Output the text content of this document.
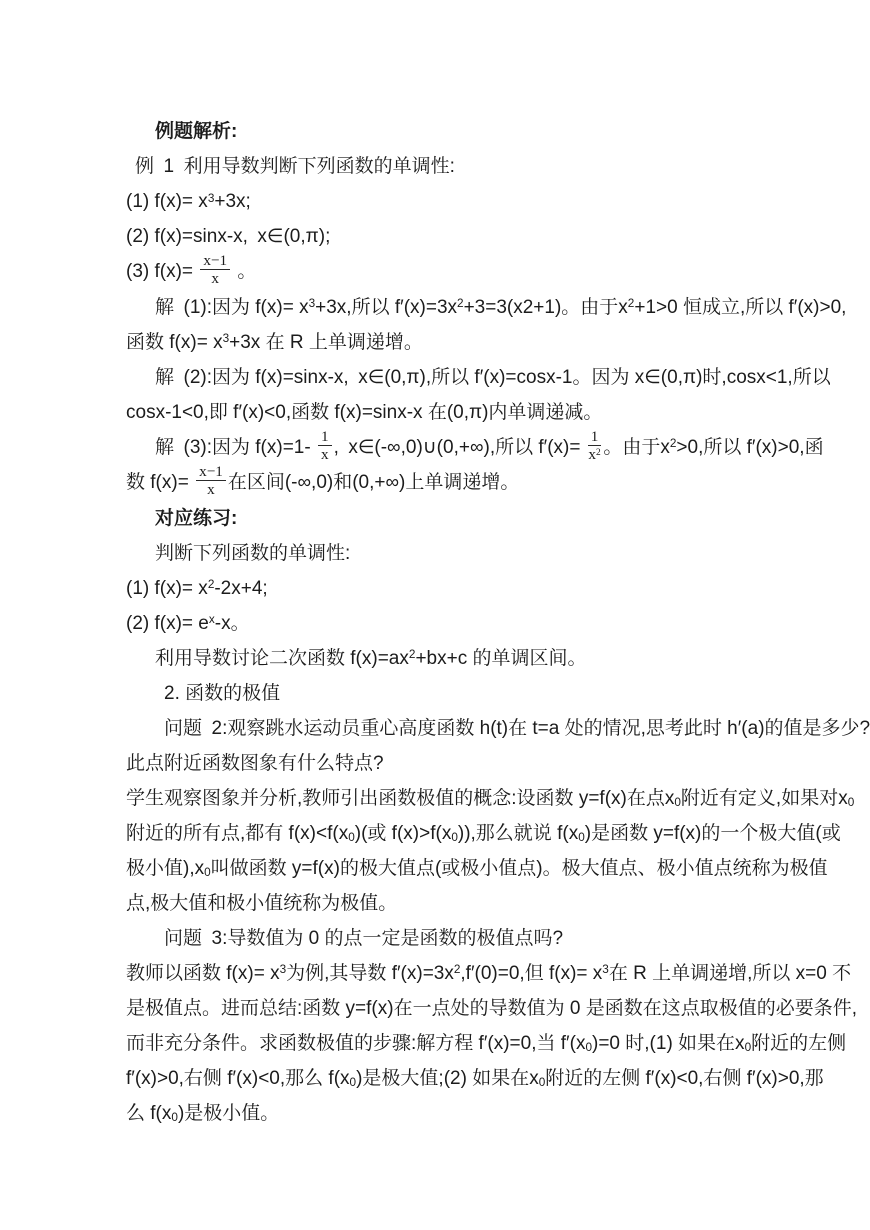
例题解析:
例 1 利用导数判断下列函数的单调性:
(1) $f(x)= x^3+3x$;
(2) f(x)=sinx-x, x∈(0,π);
(3) $f(x)= \frac{x-1}{x}$ 。
解 (1):因为 $f(x)= x^3+3x$,所以 $f'(x)=3x^2+3=3(x2+1)$。由于$x^2+1>0$ 恒成立,所以 f′(x)>0,
函数 $f(x)= x^3+3x$ 在 R 上单调递增。
解 (2):因为 f(x)=sinx-x, x∈(0,π),所以 f′(x)=cosx-1。因为 x∈(0,π)时,cosx<1,所以
cosx-1<0,即 f′(x)<0,函数 f(x)=sinx-x 在(0,π)内单调递减。
解 (3):因为 $f(x)=1- \frac{1}{x}$ , x∈(-∞,0)∪(0,+∞),所以 $f'(x)= \frac{1}{x^2}$ 。由于$x^2>0$,所以 f′(x)>0,函
数 $f(x)= \frac{x-1}{x}$ 在区间(-∞,0)和(0,+∞)上单调递增。
对应练习:
判断下列函数的单调性:
(1) $f(x)= x^2-2x+4$;
(2) $f(x)= e^x-x$。
利用导数讨论二次函数 $f(x)=ax^2+bx+c$ 的单调区间。
2. 函数的极值
问题 2:观察跳水运动员重心高度函数 h(t)在 t=a 处的情况,思考此时 h′(a)的值是多少?
此点附近函数图象有什么特点?
学生观察图象并分析,教师引出函数极值的概念:设函数 y=f(x)在点$x_0$附近有定义,如果对$x_0$
附近的所有点,都有 $f(x)<f(x_0)$(或 $f(x)>f(x_0)$),那么就说 $f(x_0)$是函数 y=f(x)的一个极大值(或
极小值)$,x_0$叫做函数 y=f(x)的极大值点(或极小值点)。极大值点、极小值点统称为极值
点,极大值和极小值统称为极值。
问题 3:导数值为 0 的点一定是函数的极值点吗?
教师以函数 $f(x)= x^3$为例,其导数 $f'(x)=3x^2,f'(0)=0$,但 $f(x)= x^3$在 R 上单调递增,所以 x=0 不
是极值点。进而总结:函数 y=f(x)在一点处的导数值为 0 是函数在这点取极值的必要条件,
而非充分条件。求函数极值的步骤:解方程 f′(x)=0,当 $f'(x_0)=0$ 时,(1) 如果在$x_0$附近的左侧
f′(x)>0,右侧 f′(x)<0,那么 $f(x_0)$是极大值;(2) 如果在$x_0$附近的左侧 f′(x)<0,右侧 f′(x)>0,那
么 $f(x_0)$是极小值。
